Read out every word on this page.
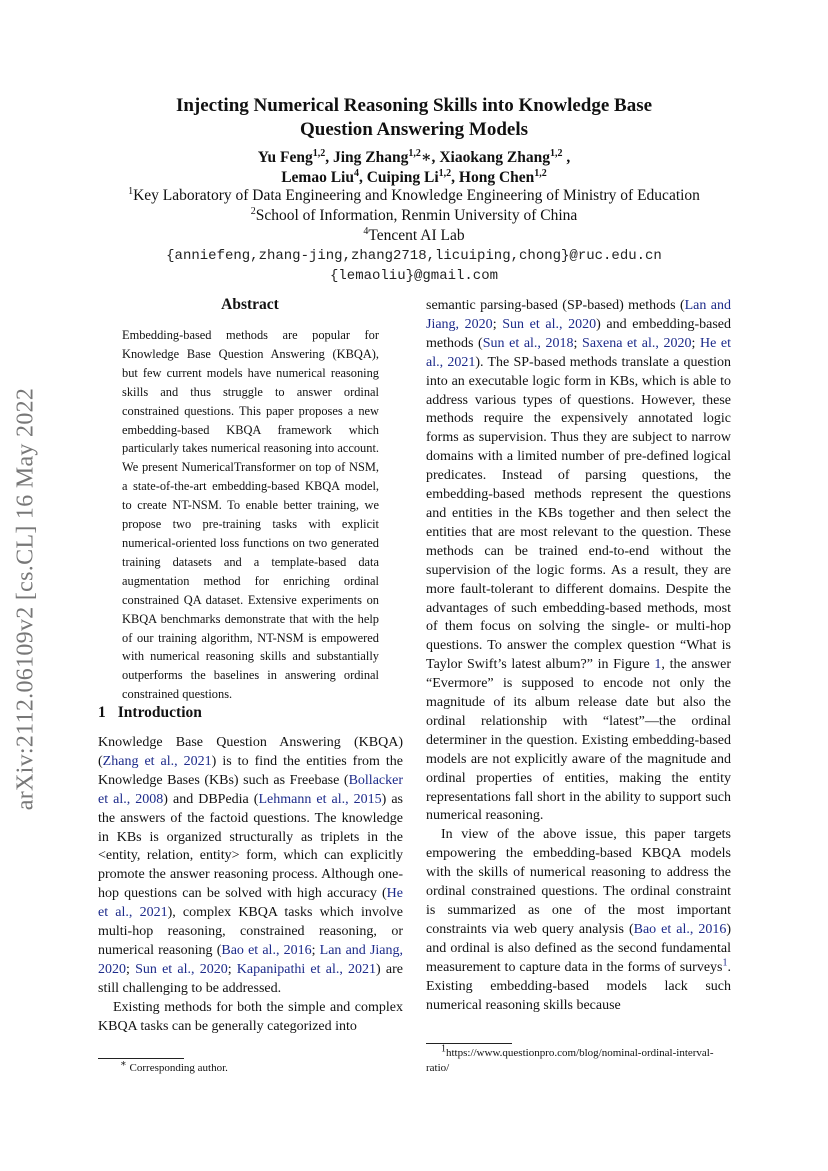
Injecting Numerical Reasoning Skills into Knowledge Base
Question Answering Models
Yu Feng$^{1,2}$, Jing Zhang$^{1,2}$∗, Xiaokang Zhang$^{1,2}$ ,
Lemao Liu$^4$, Cuiping Li$^{1,2}$, Hong Chen$^{1,2}$
$^1$Key Laboratory of Data Engineering and Knowledge Engineering of Ministry of Education
$^2$School of Information, Renmin University of China
$^4$Tencent AI Lab
{anniefeng,zhang-jing,zhang2718,licuiping,chong}@ruc.edu.cn
{lemaoliu}@gmail.com
arXiv:2112.06109v2 [cs.CL] 16 May 2022
Abstract
Embedding-based methods are popular for Knowledge Base Question Answering (KBQA), but few current models have numerical reasoning skills and thus struggle to answer ordinal constrained questions. This paper proposes a new embedding-based KBQA framework which particularly takes numerical reasoning into account. We present NumericalTransformer on top of NSM, a state-of-the-art embedding-based KBQA model, to create NT-NSM. To enable better training, we propose two pre-training tasks with explicit numerical-oriented loss functions on two generated training datasets and a template-based data augmentation method for enriching ordinal constrained QA dataset. Extensive experiments on KBQA benchmarks demonstrate that with the help of our training algorithm, NT-NSM is empowered with numerical reasoning skills and substantially outperforms the baselines in answering ordinal constrained questions.
1 Introduction

Knowledge Base Question Answering (KBQA) (Zhang et al., 2021) is to find the entities from the Knowledge Bases (KBs) such as Freebase (Bollacker et al., 2008) and DBPedia (Lehmann et al., 2015) as the answers of the factoid questions. The knowledge in KBs is organized structurally as triplets in the <entity, relation, entity> form, which can explicitly promote the answer reasoning process. Although one-hop questions can be solved with high accuracy (He et al., 2021), complex KBQA tasks which involve multi-hop reasoning, constrained reasoning, or numerical reasoning (Bao et al., 2016; Lan and Jiang, 2020; Sun et al., 2020; Kapanipathi et al., 2021) are still challenging to be addressed.

Existing methods for both the simple and complex KBQA tasks can be generally categorized into

semantic parsing-based (SP-based) methods (Lan and Jiang, 2020; Sun et al., 2020) and embedding-based methods (Sun et al., 2018; Saxena et al., 2020; He et al., 2021). The SP-based methods translate a question into an executable logic form in KBs, which is able to address various types of questions. However, these methods require the expensively annotated logic forms as supervision. Thus they are subject to narrow domains with a limited number of pre-defined logical predicates. Instead of parsing questions, the embedding-based methods represent the questions and entities in the KBs together and then select the entities that are most relevant to the question. These methods can be trained end-to-end without the supervision of the logic forms. As a result, they are more fault-tolerant to different domains. Despite the advantages of such embedding-based methods, most of them focus on solving the single- or multi-hop questions. To answer the complex question “What is Taylor Swift’s latest album?” in Figure 1, the answer “Evermore” is supposed to encode not only the magnitude of its album release date but also the ordinal relationship with “latest”—the ordinal determiner in the question. Existing embedding-based models are not explicitly aware of the magnitude and ordinal properties of entities, making the entity representations fall short in the ability to support such numerical reasoning.

In view of the above issue, this paper targets empowering the embedding-based KBQA models with the skills of numerical reasoning to address the ordinal constrained questions. The ordinal constraint is summarized as one of the most important constraints via web query analysis (Bao et al., 2016) and ordinal is also defined as the second fundamental measurement to capture data in the forms of surveys$^1$. Existing embedding-based models lack such numerical reasoning skills because

∗ Corresponding author.
$^1$https://www.questionpro.com/blog/nominal-ordinal-interval-ratio/
